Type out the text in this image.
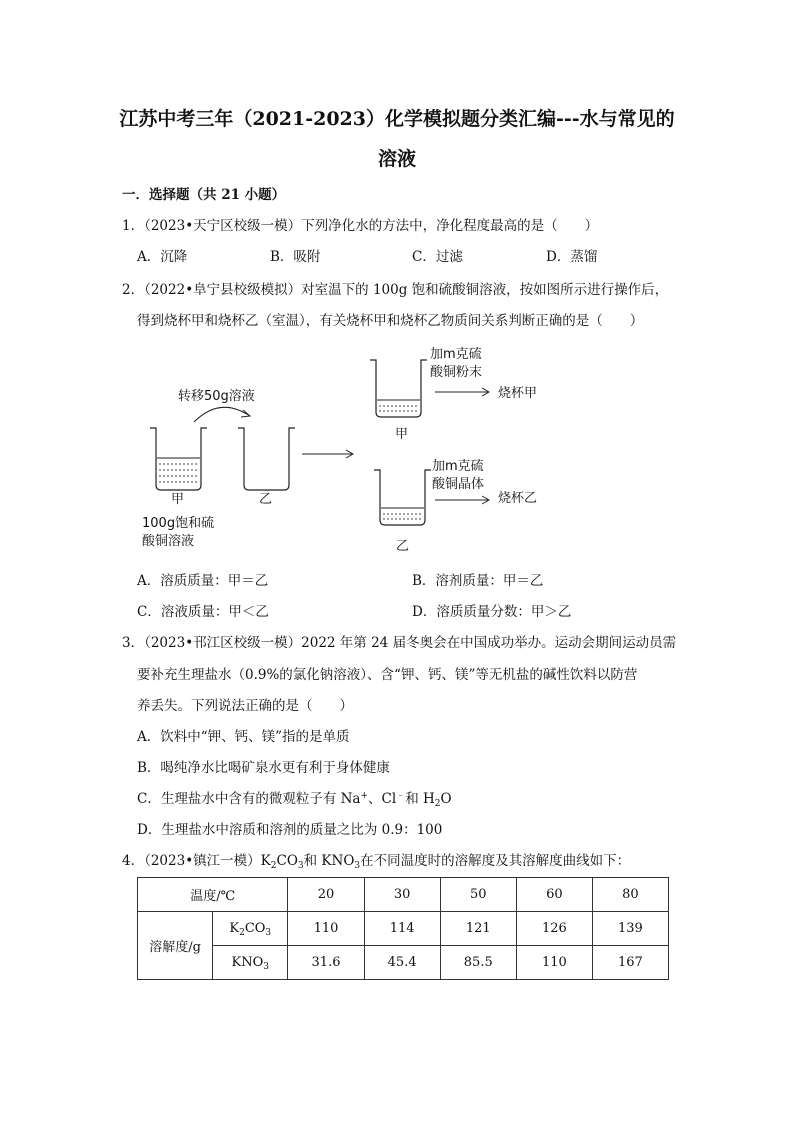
江苏中考三年（2021-2023）化学模拟题分类汇编---水与常见的
溶液
一．选择题（共 21 小题）
1．（2023•天宁区校级一模）下列净化水的方法中，净化程度最高的是（　　）
A．沉降	B．吸附	C．过滤	D．蒸馏
2．（2022•阜宁县校级模拟）对室温下的 100g 饱和硫酸铜溶液，按如图所示进行操作后，
得到烧杯甲和烧杯乙（室温），有关烧杯甲和烧杯乙物质间关系判断正确的是（　　）
转移50g溶液
甲	乙
100g饱和硫
酸铜溶液
甲
加m克硫
酸铜粉末
烧杯甲
乙
加m克硫
酸铜晶体
烧杯乙
A．溶质质量：甲＝乙	B．溶剂质量：甲＝乙
C．溶液质量：甲＜乙	D．溶质质量分数：甲＞乙
3．（2023•邗江区校级一模）2022 年第 24 届冬奥会在中国成功举办。运动会期间运动员需
要补充生理盐水（0.9%的氯化钠溶液）、含“钾、钙、镁”等无机盐的碱性饮料以防营
养丢失。下列说法正确的是（　　）
A．饮料中“钾、钙、镁”指的是单质
B．喝纯净水比喝矿泉水更有利于身体健康
C．生理盐水中含有的微观粒子有 Na+、Cl﹣和 $H_2O$
D．生理盐水中溶质和溶剂的质量之比为 0.9：100
4．（2023•镇江一模）$K_2CO_3$和 $KNO_3$在不同温度时的溶解度及其溶解度曲线如下：
温度/℃		20	30	50	60	80
溶解度/g	$K_2CO_3$	110	114	121	126	139
	$KNO_3$	31.6	45.4	85.5	110	167
